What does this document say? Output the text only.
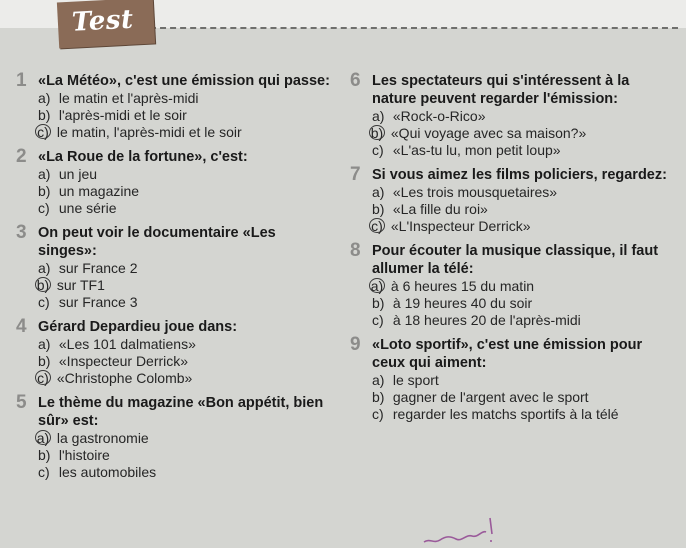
Test
1 «La Météo», c'est une émission qui passe:
a) le matin et l'après-midi
b) l'après-midi et le soir
c) le matin, l'après-midi et le soir
2 «La Roue de la fortune», c'est:
a) un jeu
b) un magazine
c) une série
3 On peut voir le documentaire «Les singes»:
a) sur France 2
b) sur TF1
c) sur France 3
4 Gérard Depardieu joue dans:
a) «Les 101 dalmatiens»
b) «Inspecteur Derrick»
c) «Christophe Colomb»
5 Le thème du magazine «Bon appétit, bien sûr» est:
a) la gastronomie
b) l'histoire
c) les automobiles
6 Les spectateurs qui s'intéressent à la nature peuvent regarder l'émission:
a) «Rock-o-Rico»
b) «Qui voyage avec sa maison?»
c) «L'as-tu lu, mon petit loup»
7 Si vous aimez les films policiers, regardez:
a) «Les trois mousquetaires»
b) «La fille du roi»
c) «L'Inspecteur Derrick»
8 Pour écouter la musique classique, il faut allumer la télé:
a) à 6 heures 15 du matin
b) à 19 heures 40 du soir
c) à 18 heures 20 de l'après-midi
9 «Loto sportif», c'est une émission pour ceux qui aiment:
a) le sport
b) gagner de l'argent avec le sport
c) regarder les matchs sportifs à la télé
